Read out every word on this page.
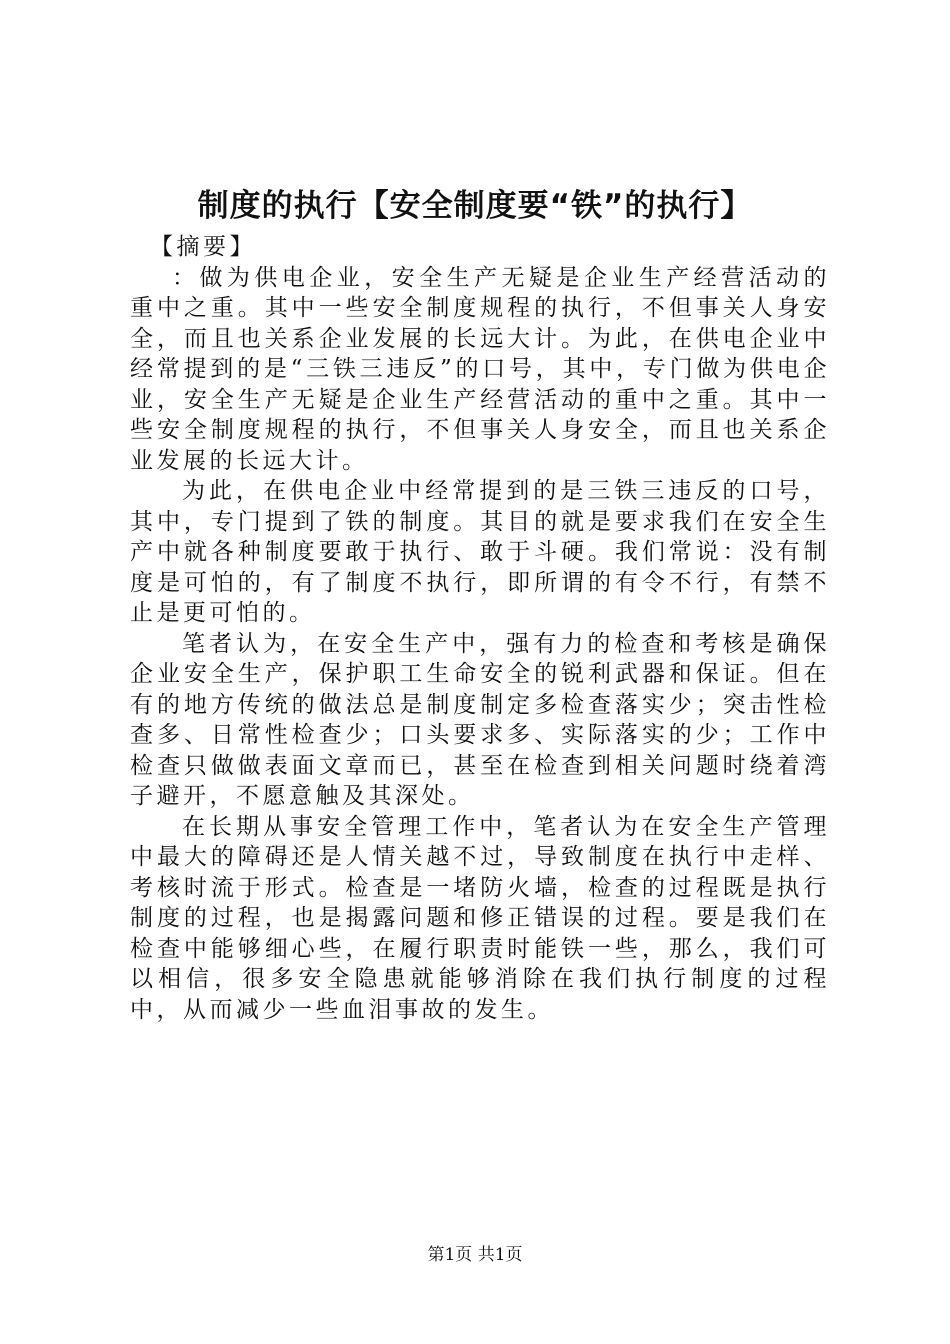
制度的执行【安全制度要“铁”的执行】

【摘要】

：做为供电企业，安全生产无疑是企业生产经营活动的重中之重。其中一些安全制度规程的执行，不但事关人身安全，而且也关系企业发展的长远大计。为此，在供电企业中经常提到的是“三铁三违反”的口号，其中，专门做为供电企业，安全生产无疑是企业生产经营活动的重中之重。其中一些安全制度规程的执行，不但事关人身安全，而且也关系企业发展的长远大计。

为此，在供电企业中经常提到的是三铁三违反的口号，其中，专门提到了铁的制度。其目的就是要求我们在安全生产中就各种制度要敢于执行、敢于斗硬。我们常说：没有制度是可怕的，有了制度不执行，即所谓的有令不行，有禁不止是更可怕的。

笔者认为，在安全生产中，强有力的检查和考核是确保企业安全生产，保护职工生命安全的锐利武器和保证。但在有的地方传统的做法总是制度制定多检查落实少；突击性检查多、日常性检查少；口头要求多、实际落实的少；工作中检查只做做表面文章而已，甚至在检查到相关问题时绕着湾子避开，不愿意触及其深处。

在长期从事安全管理工作中，笔者认为在安全生产管理中最大的障碍还是人情关越不过，导致制度在执行中走样、考核时流于形式。检查是一堵防火墙，检查的过程既是执行制度的过程，也是揭露问题和修正错误的过程。要是我们在检查中能够细心些，在履行职责时能铁一些，那么，我们可以相信，很多安全隐患就能够消除在我们执行制度的过程中，从而减少一些血泪事故的发生。

第1页 共1页
